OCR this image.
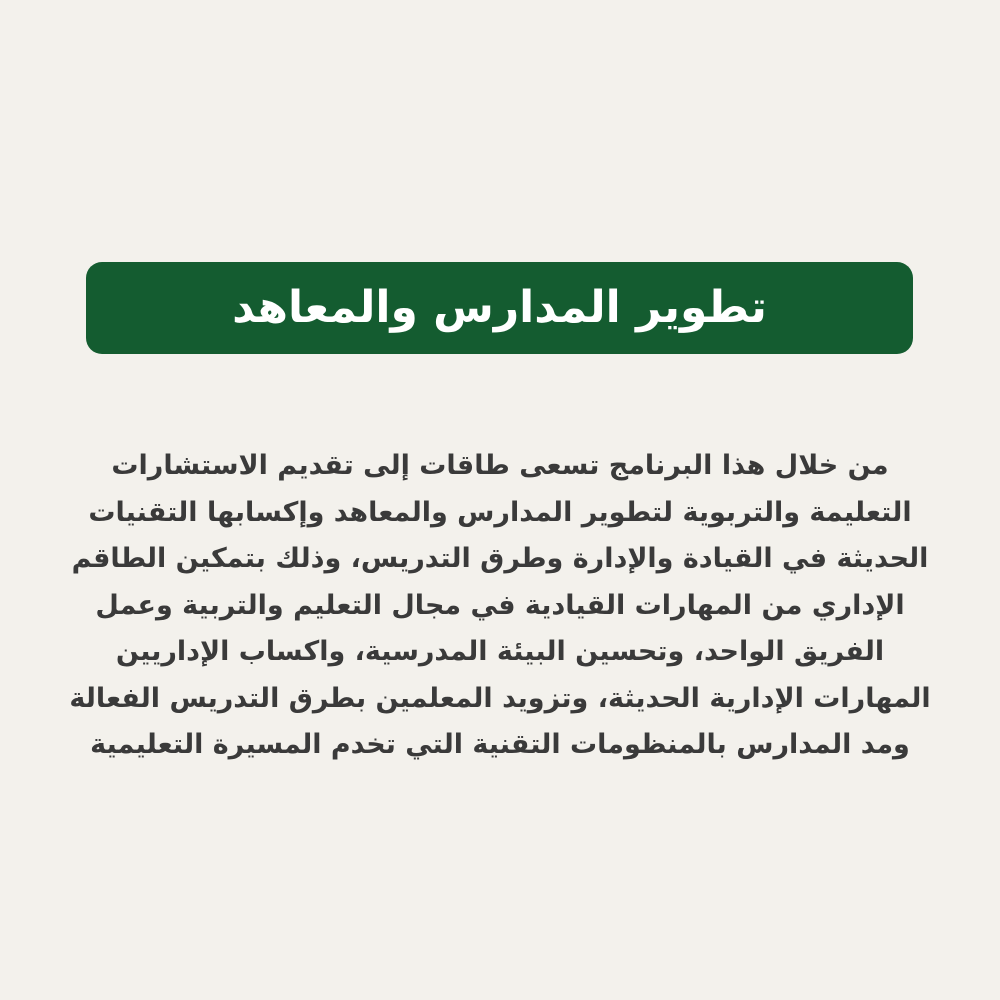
تطوير المدارس والمعاهد

من خلال هذا البرنامج تسعى طاقات إلى تقديم الاستشارات التعليمة والتربوية لتطوير المدارس والمعاهد وإكسابها التقنيات الحديثة في القيادة والإدارة وطرق التدريس، وذلك بتمكين الطاقم الإداري من المهارات القيادية في مجال التعليم والتربية وعمل الفريق الواحد، وتحسين البيئة المدرسية، واكساب الإداريين المهارات الإدارية الحديثة، وتزويد المعلمين بطرق التدريس الفعالة ومد المدارس بالمنظومات التقنية التي تخدم المسيرة التعليمية
